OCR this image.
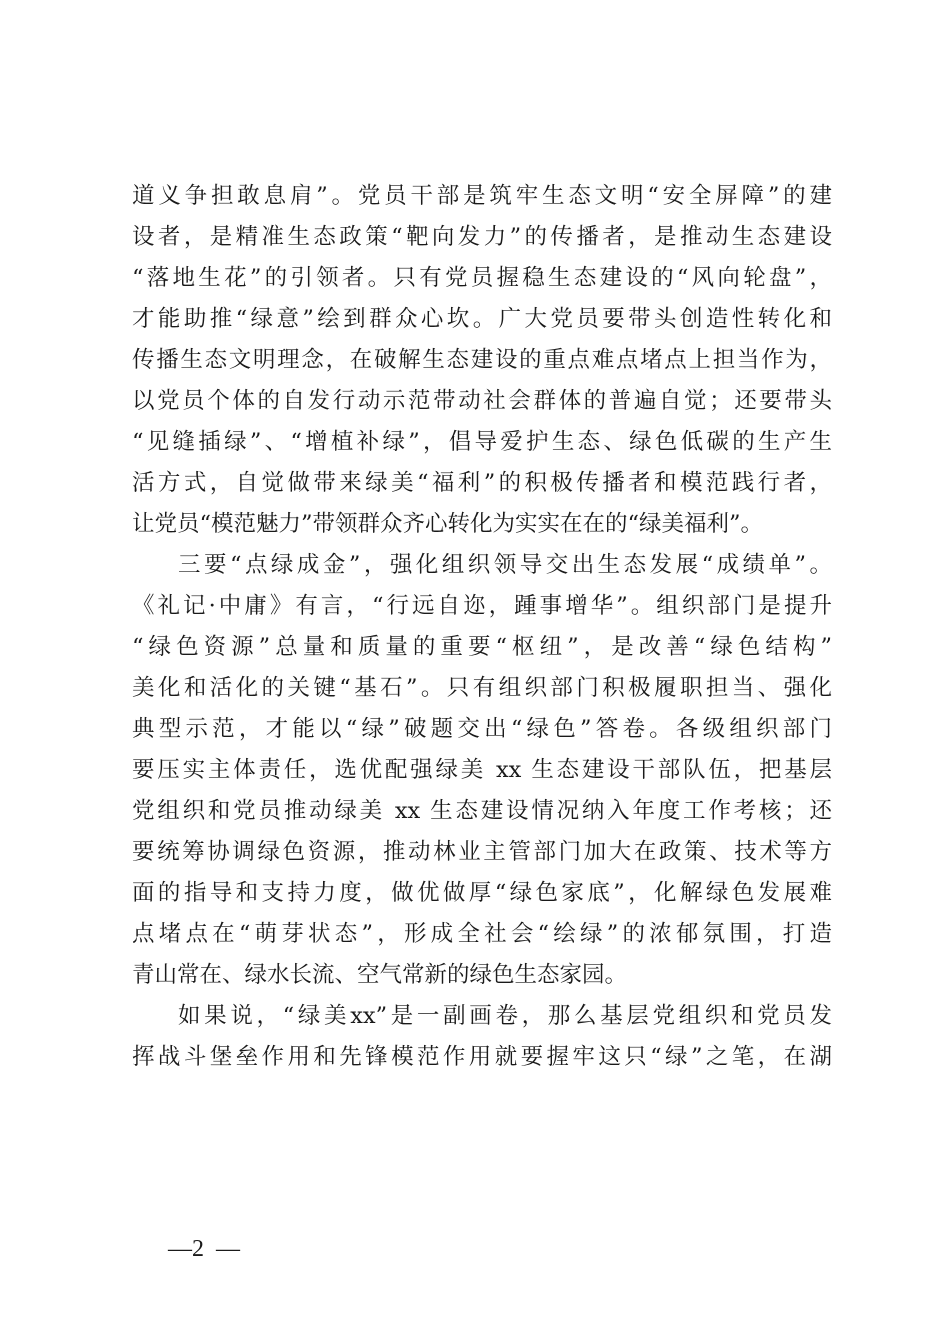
道义争担敢息肩”。党员干部是筑牢生态文明“安全屏障”的建
设者，是精准生态政策“靶向发力”的传播者，是推动生态建设
“落地生花”的引领者。只有党员握稳生态建设的“风向轮盘”，
才能助推“绿意”绘到群众心坎。广大党员要带头创造性转化和
传播生态文明理念，在破解生态建设的重点难点堵点上担当作为，
以党员个体的自发行动示范带动社会群体的普遍自觉；还要带头
“见缝插绿”、“增植补绿”，倡导爱护生态、绿色低碳的生产生
活方式，自觉做带来绿美“福利”的积极传播者和模范践行者，
让党员“模范魅力”带领群众齐心转化为实实在在的“绿美福利”。
三要“点绿成金”，强化组织领导交出生态发展“成绩单”。
《礼记·中庸》有言，“行远自迩，踵事增华”。组织部门是提升
“绿色资源”总量和质量的重要“枢纽”，是改善“绿色结构”
美化和活化的关键“基石”。只有组织部门积极履职担当、强化
典型示范，才能以“绿”破题交出“绿色”答卷。各级组织部门
要压实主体责任，选优配强绿美 xx 生态建设干部队伍，把基层
党组织和党员推动绿美 xx 生态建设情况纳入年度工作考核；还
要统筹协调绿色资源，推动林业主管部门加大在政策、技术等方
面的指导和支持力度，做优做厚“绿色家底”，化解绿色发展难
点堵点在“萌芽状态”，形成全社会“绘绿”的浓郁氛围，打造
青山常在、绿水长流、空气常新的绿色生态家园。
如果说，“绿美xx”是一副画卷，那么基层党组织和党员发
挥战斗堡垒作用和先锋模范作用就要握牢这只“绿”之笔，在湖
—2  —
